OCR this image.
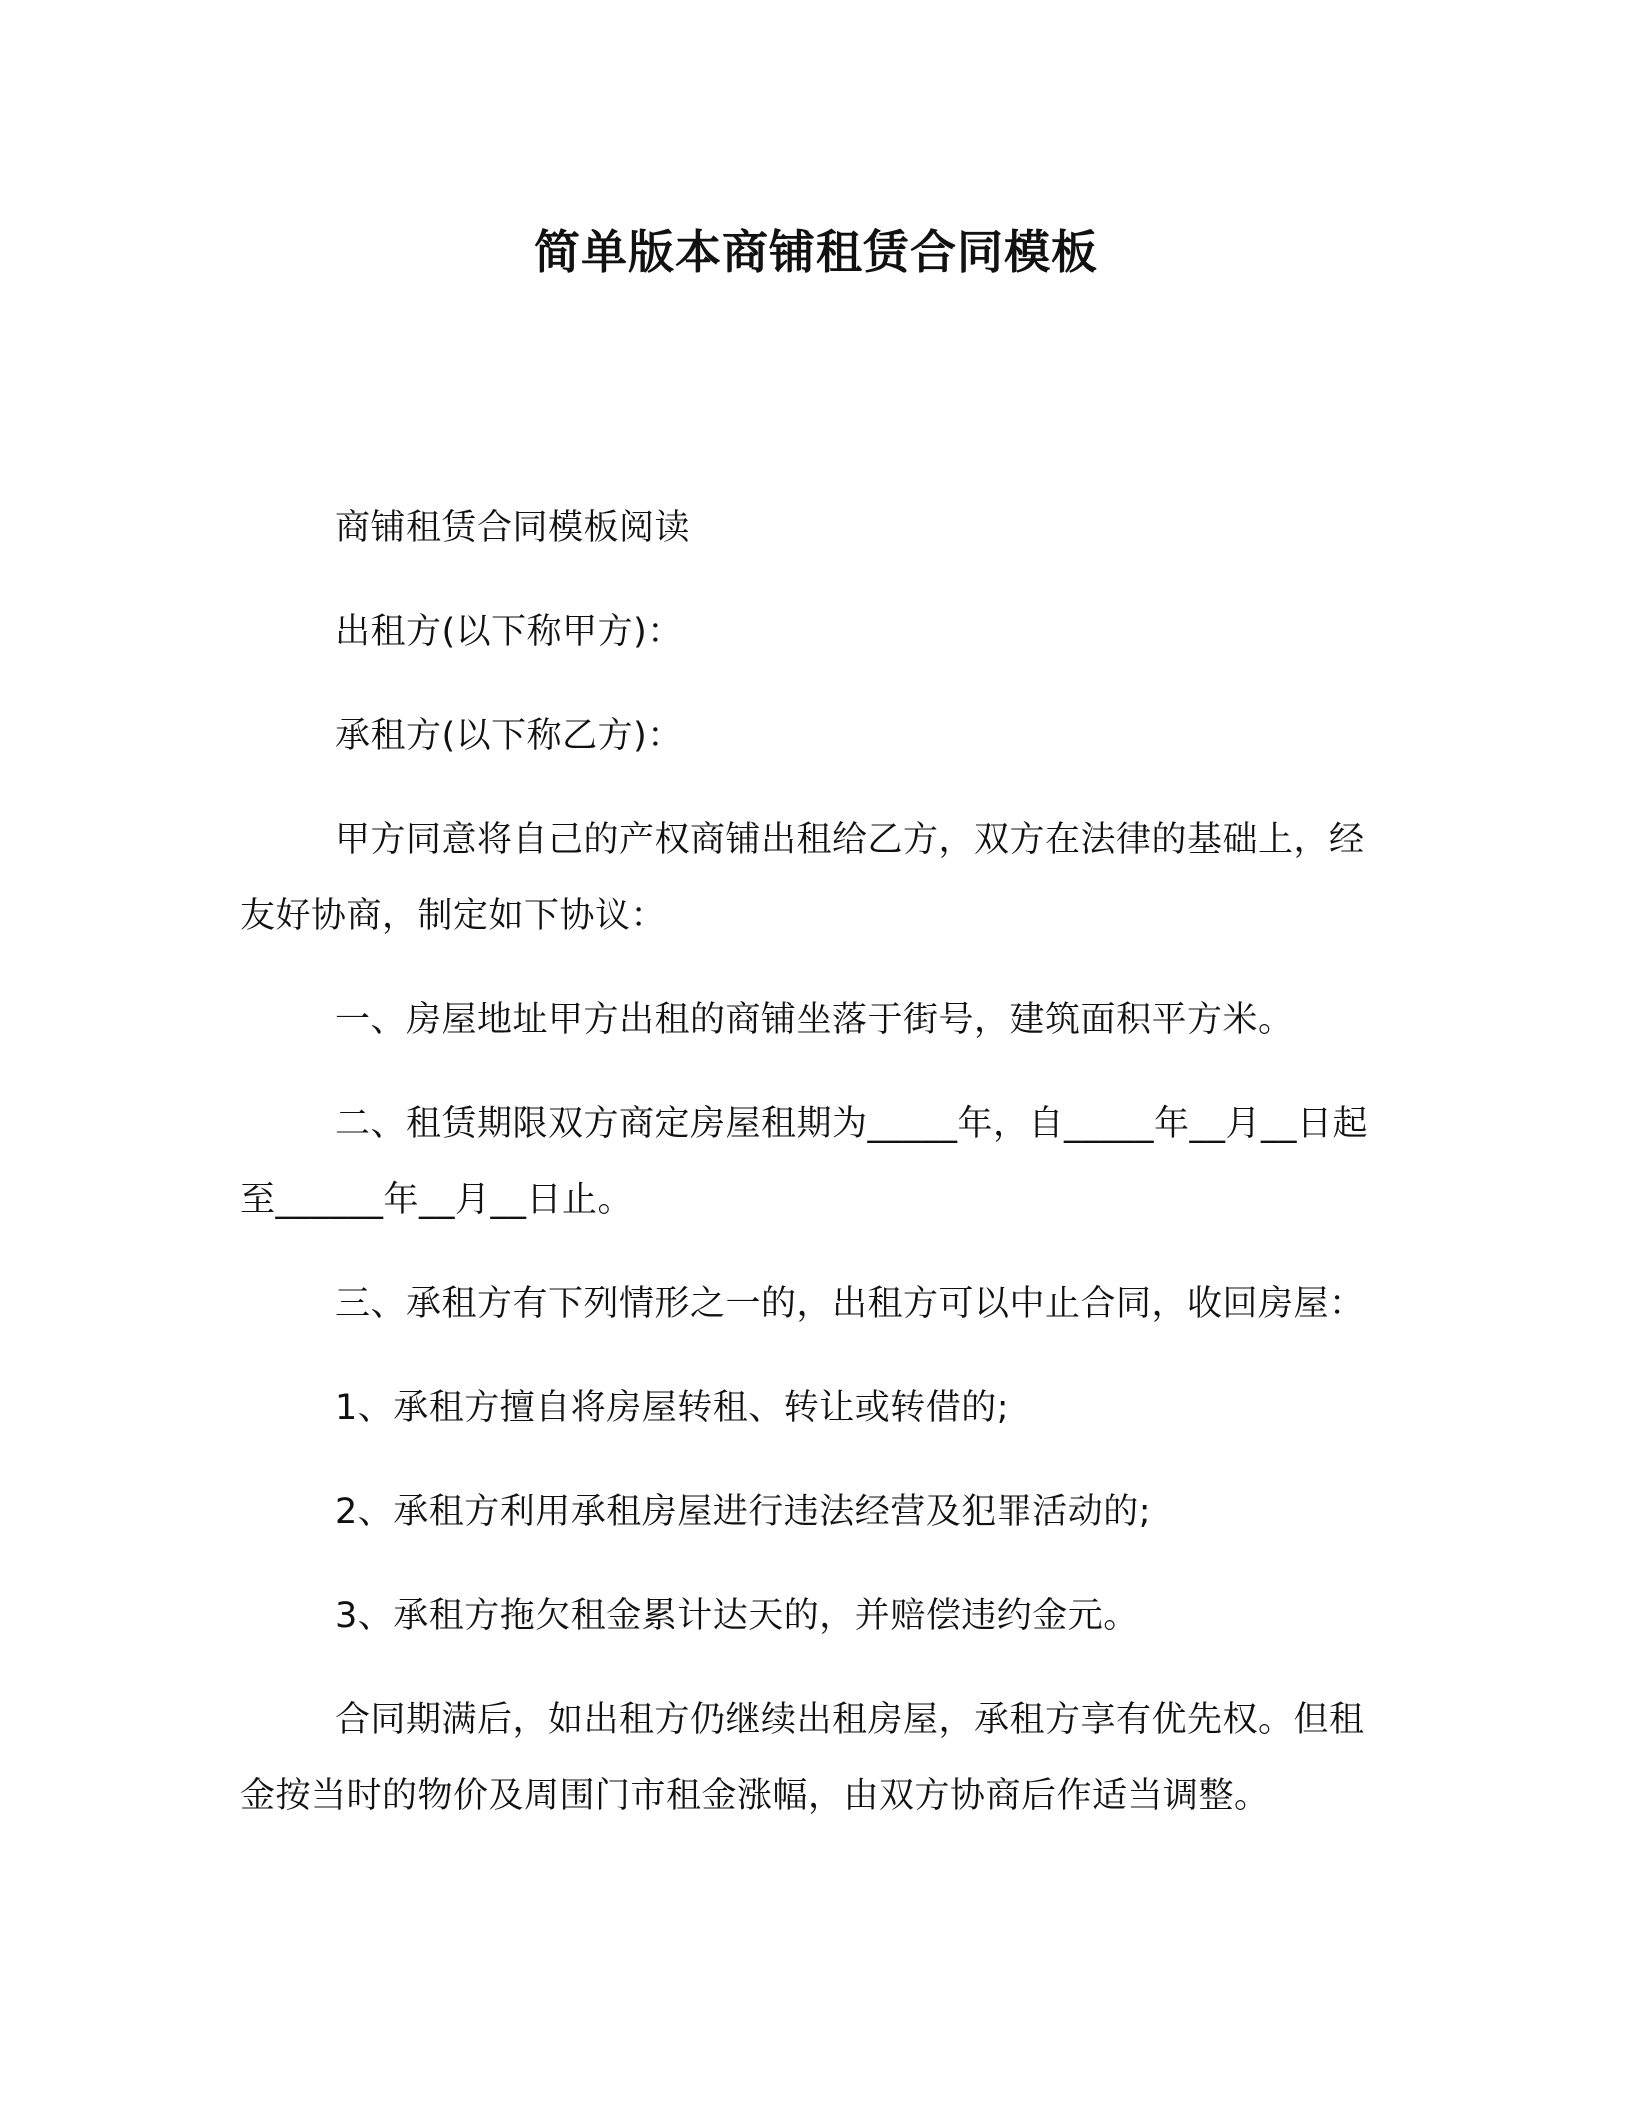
简单版本商铺租赁合同模板

商铺租赁合同模板阅读

出租方(以下称甲方)：

承租方(以下称乙方)：

甲方同意将自己的产权商铺出租给乙方，双方在法律的基础上，经友好协商，制定如下协议：

一、房屋地址甲方出租的商铺坐落于街号，建筑面积平方米。

二、租赁期限双方商定房屋租期为_____年，自_____年__月__日起至______年__月__日止。

三、承租方有下列情形之一的，出租方可以中止合同，收回房屋：

1、承租方擅自将房屋转租、转让或转借的;

2、承租方利用承租房屋进行违法经营及犯罪活动的;

3、承租方拖欠租金累计达天的，并赔偿违约金元。

合同期满后，如出租方仍继续出租房屋，承租方享有优先权。但租金按当时的物价及周围门市租金涨幅，由双方协商后作适当调整。
